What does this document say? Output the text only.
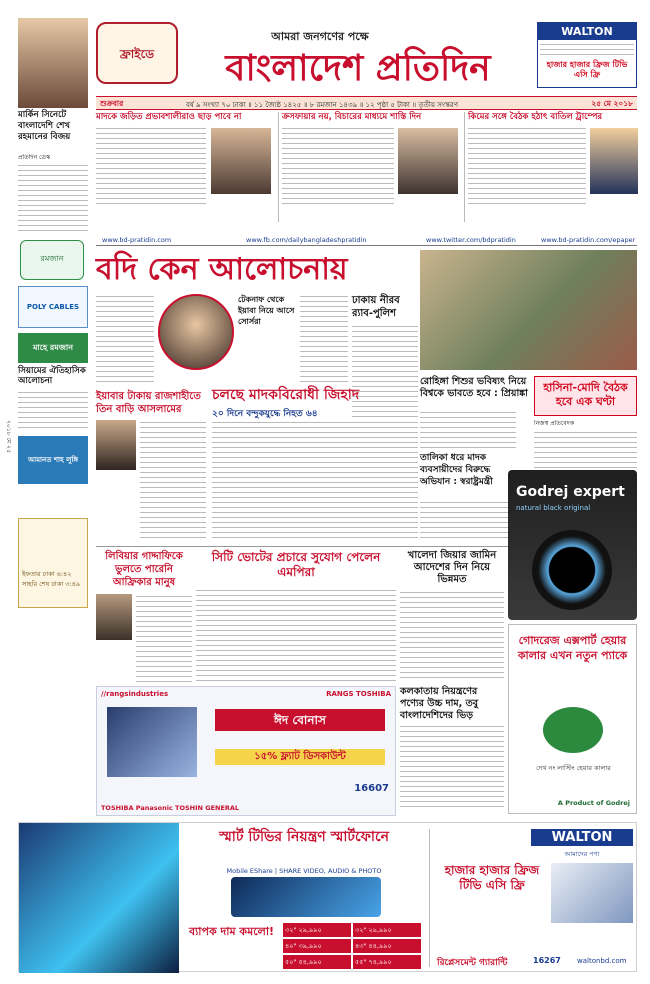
মার্কিন সিনেটে বাংলাদেশি শেখ রহমানের বিজয়
প্রতিদিন ডেস্ক
রমজান
POLY CABLES
মাহে রমজান
সিয়ামের ঐতিহাসিক আলোচনা
আমানত শাহ লুঙ্গি
ইফতার ঢাকা ৬:৪২
সাহরি শেষ ঢাকা ৩:৪৯
২০১৮ মে ২৫
ফ্রাইডে
আমরা জনগণের পক্ষে
বাংলাদেশ প্রতিদিন
WALTON
হাজার হাজার ফ্রিজ টিভি এসি ফ্রি
শুক্রবার	বর্ষ ৯ সংখ্যা ৭০ ঢাকা ॥ ১১ জ্যৈষ্ঠ ১৪২৫ ॥ ৮ রমজান ১৪৩৯ ॥ ১২ পৃষ্ঠা ৫ টাকা ॥ তৃতীয় সংস্করণ	২৫ মে ২০১৮
মাদকে জড়িত প্রভাবশালীরাও ছাড় পাবে না	ক্রসফায়ার নয়, বিচারের মাধ্যমে শাস্তি দিন	কিমের সঙ্গে বৈঠক হঠাৎ বাতিল ট্রাম্পের
www.bd-pratidin.com	www.fb.com/dailybangladeshpratidin	www.twitter.com/bdpratidin	www.bd-pratidin.com/epaper
বদি কেন আলোচনায়
টেকনাফ থেকে ইয়াবা নিয়ে আসে সোর্সরা
ঢাকায় নীরব র‌্যাব-পুলিশ
ইয়াবার টাকায় রাজশাহীতে তিন বাড়ি আসলামের
চলছে মাদকবিরোধী জিহাদ
২০ দিনে বন্দুকযুদ্ধে নিহত ৬৪
তালিকা ধরে মাদক ব্যবসায়ীদের বিরুদ্ধে অভিযান : স্বরাষ্ট্রমন্ত্রী
রোহিঙ্গা শিশুর ভবিষ্যৎ নিয়ে বিশ্বকে ভাবতে হবে : প্রিয়াঙ্কা	হাসিনা-মোদি বৈঠক হবে এক ঘণ্টা
নিজস্ব প্রতিবেদক
লিবিয়ার গাদ্দাফিকে ভুলতে পারেনি আফ্রিকার মানুষ
সিটি ভোটের প্রচারে সুযোগ পেলেন এমপিরা
খালেদা জিয়ার জামিন আদেশের দিন নিয়ে ভিন্নমত
Godrej expert
natural black original
কলকাতায় নিয়ন্ত্রণের পণ্যের উচ্চ দাম, তবু বাংলাদেশিদের ভিড়
গোদরেজ এক্সপার্ট হেয়ার কালার এখন নতুন প্যাকে
দেখ নং লাস্টিং হেয়ার কালার
A Product of Godrej
//rangsindustries	RANGS TOSHIBA
ঈদ বোনাস
১৫% ফ্ল্যাট ডিসকাউন্ট
16607
TOSHIBA Panasonic TOSHIN GENERAL
স্মার্ট টিভির নিয়ন্ত্রণ স্মার্টফোনে
Mobile EShare | SHARE VIDEO, AUDIO & PHOTO
ব্যাপক দাম কমলো!	৩২" ২৯,৯৯০	৩২" ২৯,৯৯০
৪০" ৩৯,৯৯০	৪৩" ৪৪,৯৯০
৫০" ৫৪,৯৯০	৫৫" ৭৪,৯৯০
WALTON
আমাদের পণ্য
হাজার হাজার ফ্রিজ টিভি এসি ফ্রি
রিপ্লেসমেন্ট গ্যারান্টি	16267 waltonbd.com
